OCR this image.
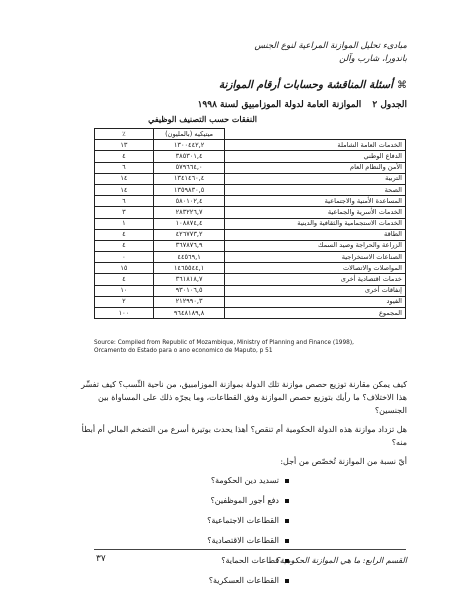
مبادىء تحليل الموازنة المراعية لنوع الجنس
باندورا، شارب وآلن
⌘
أسئلة المناقشة وحسابات أرقام الموازنة
الجدول ٢ الموازنة العامة لدولة الموزامبيق لسنة ١٩٩٨
النفقات حسب التصنيف الوظيفي
	ميتيكيه (بالمليون)	٪
الخدمات العامة الشاملة	١٣٠٠٤٤٢,٢	١٣
الدفاع الوطني	٣٨٥٣٠١,٤	٤
الأمن والنظام العام	٥٧٩٦٦٤,٠	٦
التربية	١٣٤١٤٦٠,٤	١٤
الصحة	١٣٥٩٨٣٠,٥	١٤
المساعدة الأمنية والاجتماعية	٥٨٠١٠٢,٤	٦
الخدمات الأسرية والجماعية	٢٨٣٢٢٦,٧	٣
الخدمات الاستجمامية والثقافية والدينية	١٠٨٨٧٤,٤	١
الطاقة	٤٢٦٧٧٣,٢	٤
الزراعة والحراجة وصيد السمك	٣٦٧٨٧٦,٩	٤
الصناعات الاستخراجية	٤٤٥٦٩,١	٠
المواصلات والاتصالات	١٤٦٥٥٤٤,١	١٥
خدمات اقتصادية أخرى	٣٦١٨١٨,٧	٤
إنفاقات أخرى	٩٣٠١٠٦,٥	١٠
الفيود	٢١٢٩٩٠,٣	٢
المجموع	٩٦٤٨١٨٩,٨	١٠٠
Source: Compiled from Republic of Mozambique, Ministry of Planning and Finance (1998),
Orcamento do Estado para o ano economico de Maputo, p 51

كيف يمكن مقارنة توزيع حصص موازنة تلك الدولة بموازنة الموزامبيق، من ناحية النِّسب؟ كيف تفسِّر هذا الاختلاف؟ ما رأيك بتوزيع حصص الموازنة وفق القطاعات، وما يجرّه ذلك على المساواة بين الجنسين؟

هل تزداد موازنة هذه الدولة الحكومية أم تنقص؟ أهذا يحدث بوتيرة أسرع من التضخم المالي أم أبطأ منه؟

أيّ نسبة من الموازنة تُخصّص من أجل:

تسديد دين الحكومة؟
دفع أجور الموظفين؟
القطاعات الاجتماعية؟
القطاعات الاقتصادية؟
قطاعات الحماية؟
القطاعات العسكرية؟
القسم الرابع: ما هي الموازنة الحكومية؟
٣٧
